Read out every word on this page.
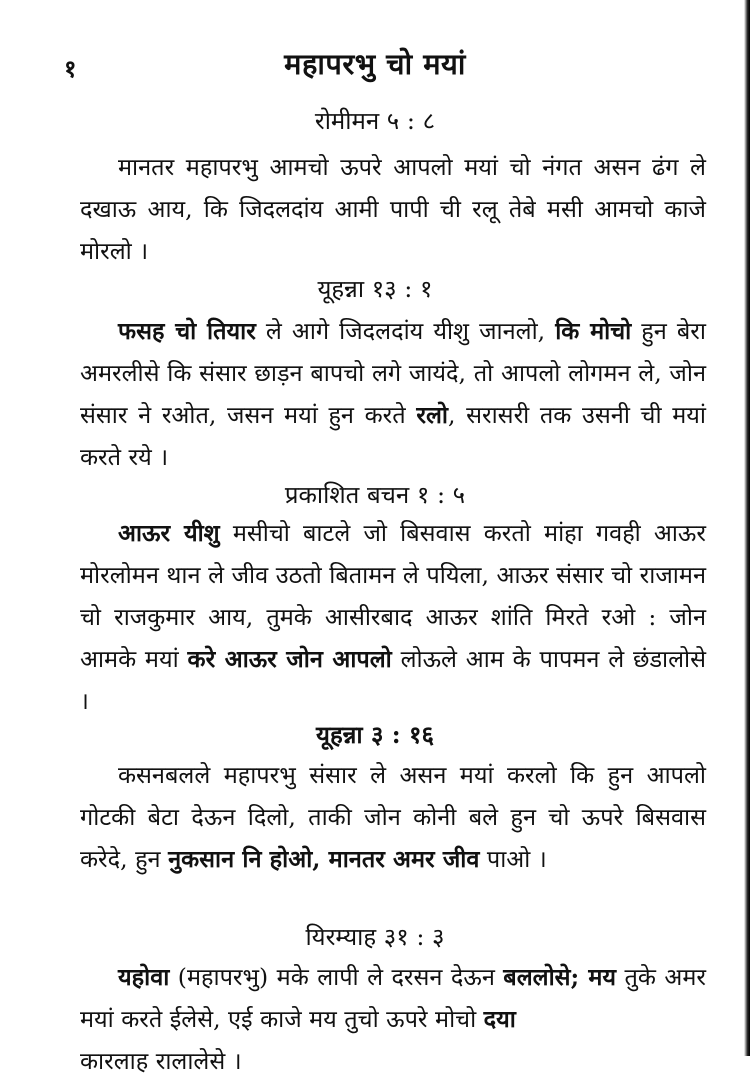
१	महापरभु चो मयां

रोमीमन ५ : ८

मानतर महापरभु आमचो ऊपरे आपलो मयां चो नंगत असन ढंग ले दखाऊ आय, कि जिदलदांय आमी पापी ची रलू तेबे मसी आमचो काजे मोरलो ।

यूहन्ना १३ : १

फसह चो तियार ले आगे जिदलदांय यीशु जानलो, कि मोचो हुन बेरा अमरलीसे कि संसार छाड़न बापचो लगे जायंदे, तो आपलो लोगमन ले, जोन संसार ने रओत, जसन मयां हुन करते रलो, सरासरी तक उसनी ची मयां करते रये ।

प्रकाशित बचन १ : ५

आऊर यीशु मसीचो बाटले जो बिसवास करतो मांहा गवही आऊर मोरलोमन थान ले जीव उठतो बितामन ले पयिला, आऊर संसार चो राजामन चो राजकुमार आय, तुमके आसीरबाद आऊर शांति मिरते रओ : जोन आमके मयां करे आऊर जोन आपलो लोऊले आम के पापमन ले छंडालोसे ।

यूहन्ना ३ : १६

कसनबलले महापरभु संसार ले असन मयां करलो कि हुन आपलो गोटकी बेटा देऊन दिलो, ताकी जोन कोनी बले हुन चो ऊपरे बिसवास करेदे, हुन नुकसान नि होओ, मानतर अमर जीव पाओ ।

यिरम्याह ३१ : ३

यहोवा (महापरभु) मके लापी ले दरसन देऊन बललोसे; मय तुके अमर मयां करते ईलेसे, एई काजे मय तुचो ऊपरे मोचो दया

कारलाह रालालेसे ।
